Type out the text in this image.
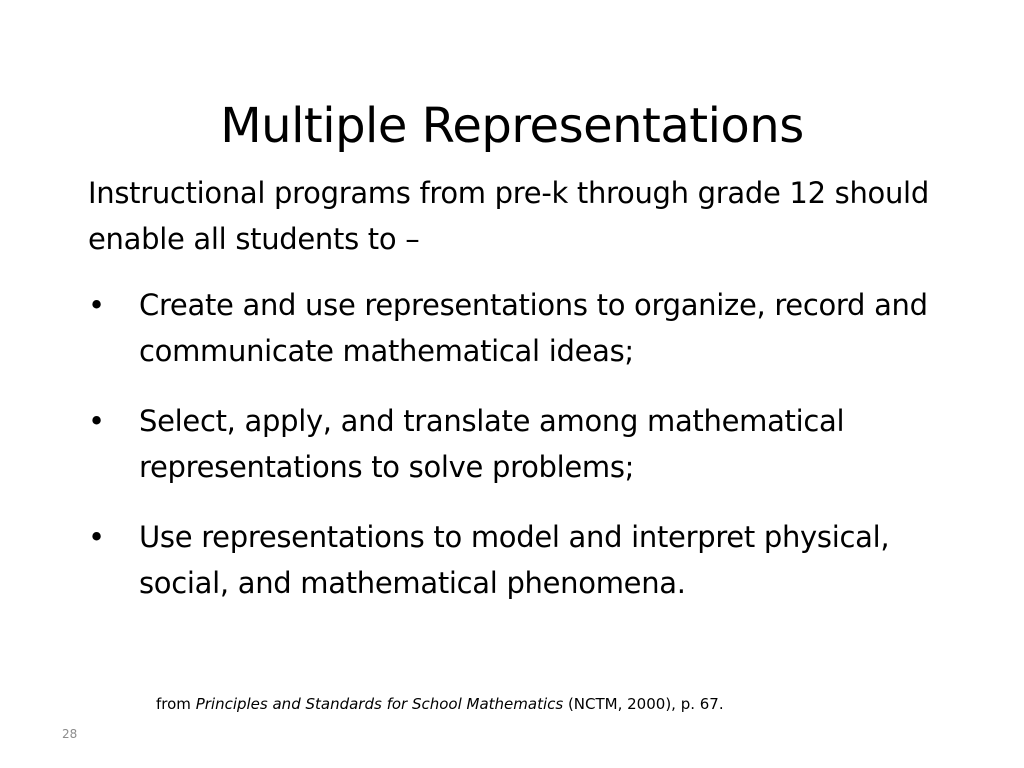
Multiple Representations

Instructional programs from pre-k through grade 12 should enable all students to –

•	Create and use representations to organize, record and communicate mathematical ideas;
•	Select, apply, and translate among mathematical representations to solve problems;
•	Use representations to model and interpret physical, social, and mathematical phenomena.
from Principles and Standards for School Mathematics (NCTM, 2000), p. 67.
28
